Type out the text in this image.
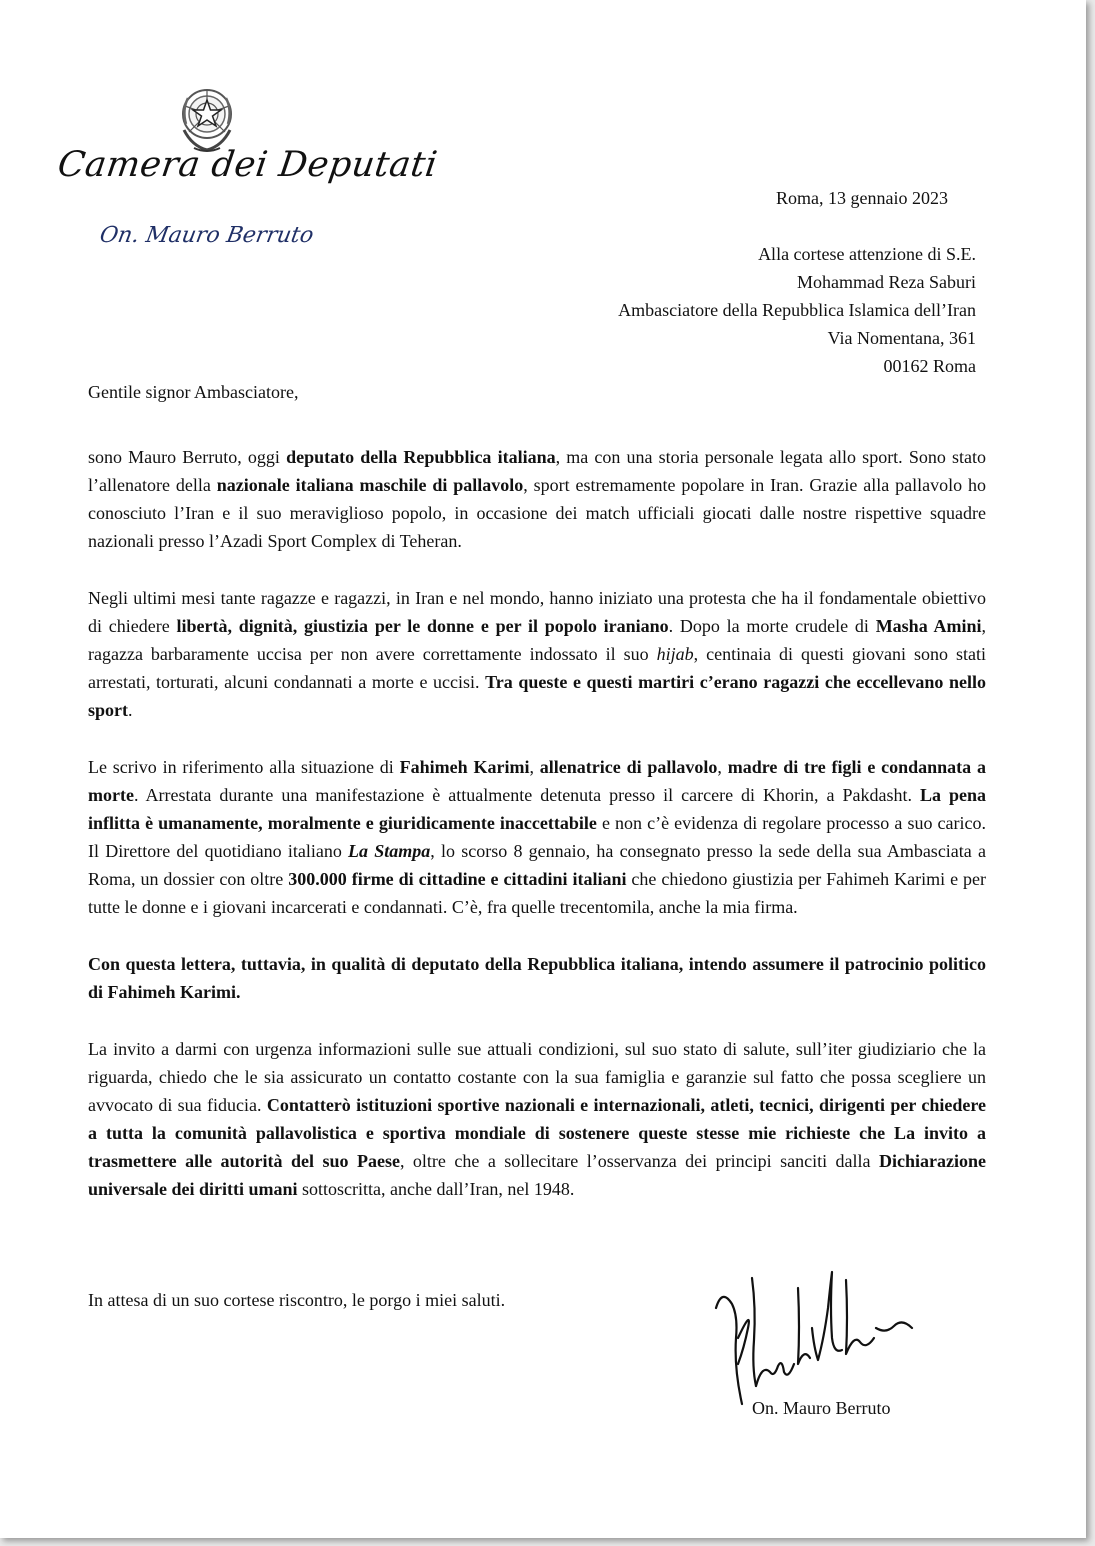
Camera dei Deputati
On. Mauro Berruto
Roma, 13 gennaio 2023
Alla cortese attenzione di S.E.
Mohammad Reza Saburi
Ambasciatore della Repubblica Islamica dell’Iran
Via Nomentana, 361
00162 Roma
Gentile signor Ambasciatore,

sono Mauro Berruto, oggi deputato della Repubblica italiana, ma con una storia personale legata allo sport. Sono stato l’allenatore della nazionale italiana maschile di pallavolo, sport estremamente popolare in Iran. Grazie alla pallavolo ho conosciuto l’Iran e il suo meraviglioso popolo, in occasione dei match ufficiali giocati dalle nostre rispettive squadre nazionali presso l’Azadi Sport Complex di Teheran.

Negli ultimi mesi tante ragazze e ragazzi, in Iran e nel mondo, hanno iniziato una protesta che ha il fondamentale obiettivo di chiedere libertà, dignità, giustizia per le donne e per il popolo iraniano. Dopo la morte crudele di Masha Amini, ragazza barbaramente uccisa per non avere correttamente indossato il suo hijab, centinaia di questi giovani sono stati arrestati, torturati, alcuni condannati a morte e uccisi. Tra queste e questi martiri c’erano ragazzi che eccellevano nello sport.

Le scrivo in riferimento alla situazione di Fahimeh Karimi, allenatrice di pallavolo, madre di tre figli e condannata a morte. Arrestata durante una manifestazione è attualmente detenuta presso il carcere di Khorin, a Pakdasht. La pena inflitta è umanamente, moralmente e giuridicamente inaccettabile e non c’è evidenza di regolare processo a suo carico. Il Direttore del quotidiano italiano La Stampa, lo scorso 8 gennaio, ha consegnato presso la sede della sua Ambasciata a Roma, un dossier con oltre 300.000 firme di cittadine e cittadini italiani che chiedono giustizia per Fahimeh Karimi e per tutte le donne e i giovani incarcerati e condannati. C’è, fra quelle trecentomila, anche la mia firma.

Con questa lettera, tuttavia, in qualità di deputato della Repubblica italiana, intendo assumere il patrocinio politico di Fahimeh Karimi.

La invito a darmi con urgenza informazioni sulle sue attuali condizioni, sul suo stato di salute, sull’iter giudiziario che la riguarda, chiedo che le sia assicurato un contatto costante con la sua famiglia e garanzie sul fatto che possa scegliere un avvocato di sua fiducia. Contatterò istituzioni sportive nazionali e internazionali, atleti, tecnici, dirigenti per chiedere a tutta la comunità pallavolistica e sportiva mondiale di sostenere queste stesse mie richieste che La invito a trasmettere alle autorità del suo Paese, oltre che a sollecitare l’osservanza dei principi sanciti dalla Dichiarazione universale dei diritti umani sottoscritta, anche dall’Iran, nel 1948.

In attesa di un suo cortese riscontro, le porgo i miei saluti.
On. Mauro Berruto
